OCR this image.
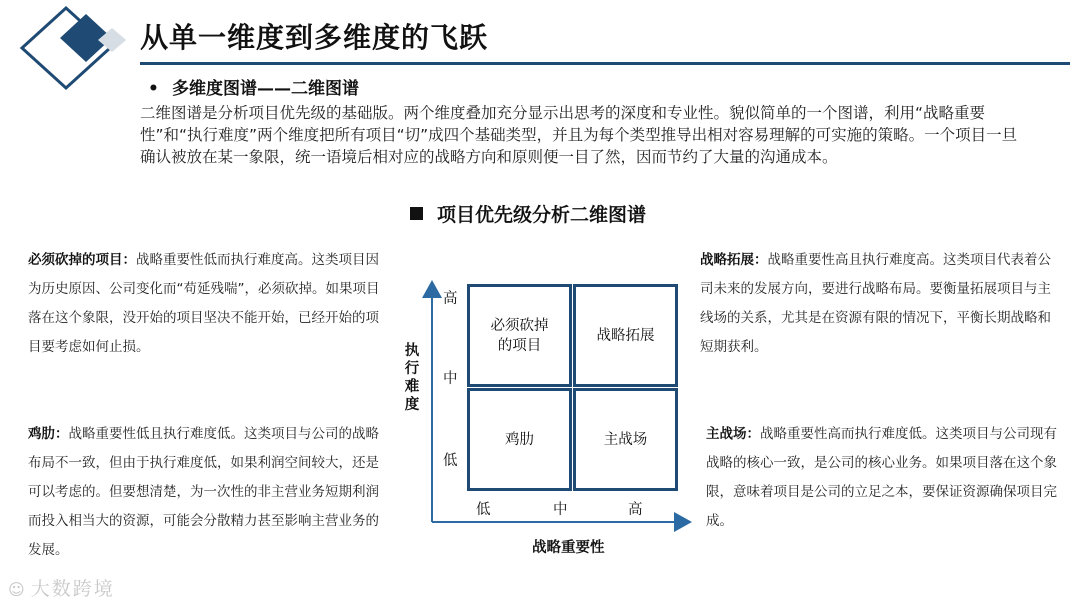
从单一维度到多维度的飞跃
• 多维度图谱——二维图谱
二维图谱是分析项目优先级的基础版。两个维度叠加充分显示出思考的深度和专业性。貌似简单的一个图谱，利用“战略重要性”和“执行难度”两个维度把所有项目“切”成四个基础类型，并且为每个类型推导出相对容易理解的可实施的策略。一个项目一旦确认被放在某一象限，统一语境后相对应的战略方向和原则便一目了然，因而节约了大量的沟通成本。
项目优先级分析二维图谱
必须砍掉的项目：战略重要性低而执行难度高。这类项目因为历史原因、公司变化而“苟延残喘”，必须砍掉。如果项目落在这个象限，没开始的项目坚决不能开始，已经开始的项目要考虑如何止损。
鸡肋：战略重要性低且执行难度低。这类项目与公司的战略布局不一致，但由于执行难度低，如果利润空间较大，还是可以考虑的。但要想清楚，为一次性的非主营业务短期利润而投入相当大的资源，可能会分散精力甚至影响主营业务的发展。
战略拓展：战略重要性高且执行难度高。这类项目代表着公司未来的发展方向，要进行战略布局。要衡量拓展项目与主线场的关系，尤其是在资源有限的情况下，平衡长期战略和短期获利。
主战场：战略重要性高而执行难度低。这类项目与公司现有战略的核心一致，是公司的核心业务。如果项目落在这个象限，意味着项目是公司的立足之本，要保证资源确保项目完成。
必须砍掉
的项目
战略拓展
鸡肋	主战场
高
中
低
低	中	高
执
行
难
度
战略重要性
☺ 大数跨境
